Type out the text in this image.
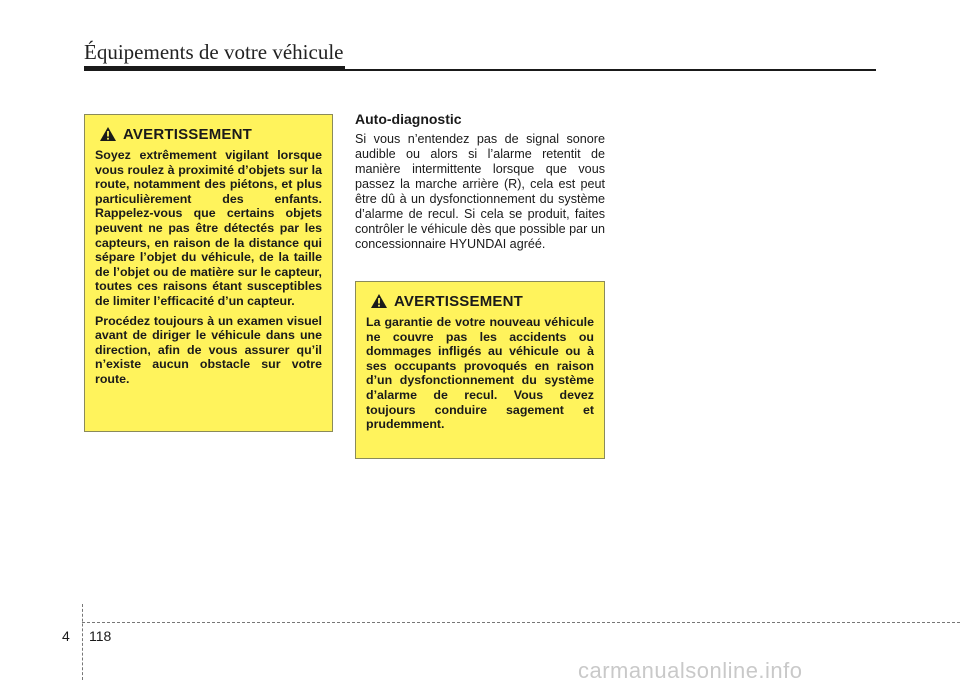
Équipements de votre véhicule
AVERTISSEMENT

Soyez extrêmement vigilant lorsque vous roulez à proximité d’objets sur la route, notamment des piétons, et plus particulièrement des enfants. Rappelez-vous que certains objets peuvent ne pas être détectés par les capteurs, en raison de la distance qui sépare l’objet du véhicule, de la taille de l’objet ou de matière sur le capteur, toutes ces raisons étant susceptibles de limiter l’efficacité d’un capteur.

Procédez toujours à un examen visuel avant de diriger le véhicule dans une direction, afin de vous assurer qu’il n’existe aucun obstacle sur votre route.

Auto-diagnostic

Si vous n’entendez pas de signal sonore audible ou alors si l’alarme retentit de manière intermittente lorsque que vous passez la marche arrière (R), cela est peut être dû à un dysfonctionnement du système d’alarme de recul. Si cela se produit, faites contrôler le véhicule dès que possible par un concessionnaire HYUNDAI agréé.

AVERTISSEMENT

La garantie de votre nouveau véhicule ne couvre pas les accidents ou dommages infligés au véhicule ou à ses occupants provoqués en raison d’un dysfonctionnement du système d’alarme de recul. Vous devez toujours conduire sagement et prudemment.

4 118
carmanualsonline.info
